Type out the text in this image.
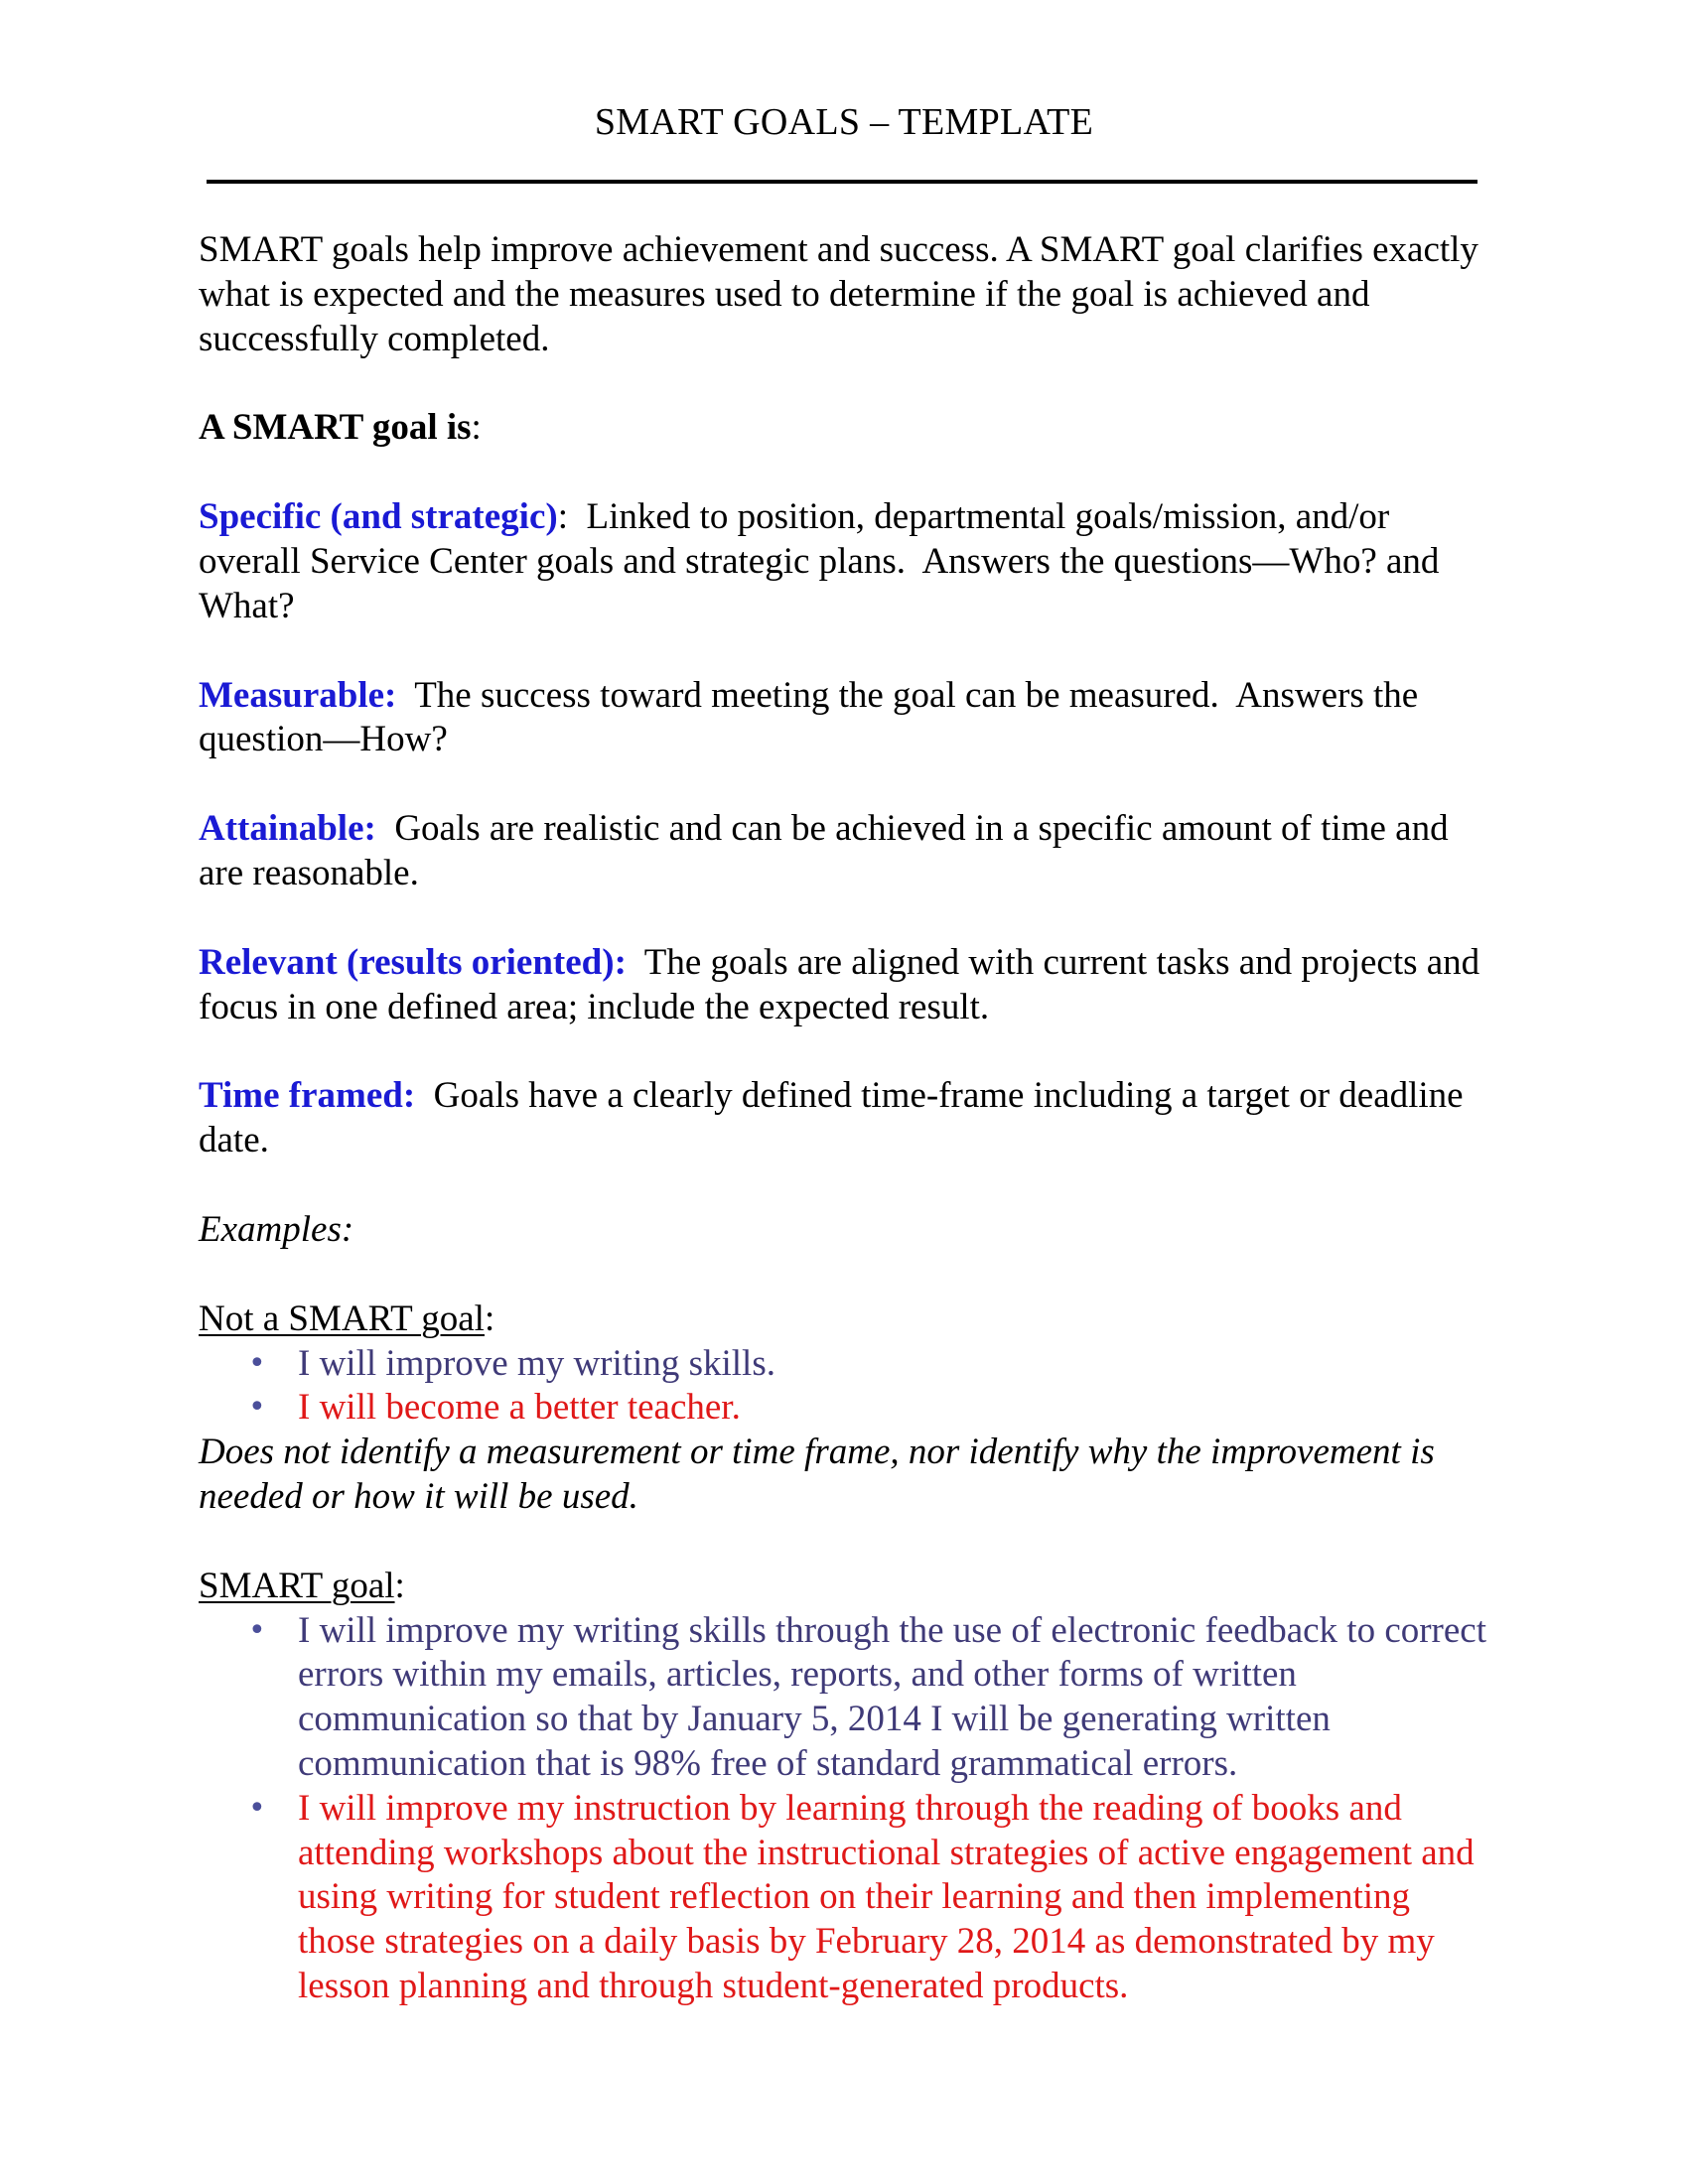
SMART GOALS – TEMPLATE

SMART goals help improve achievement and success. A SMART goal clarifies exactly what is expected and the measures used to determine if the goal is achieved and successfully completed.

A SMART goal is:

Specific (and strategic):  Linked to position, departmental goals/mission, and/or overall Service Center goals and strategic plans.  Answers the questions—Who? and What?

Measurable:  The success toward meeting the goal can be measured.  Answers the question—How?

Attainable:  Goals are realistic and can be achieved in a specific amount of time and are reasonable.

Relevant (results oriented):  The goals are aligned with current tasks and projects and focus in one defined area; include the expected result.

Time framed:  Goals have a clearly defined time-frame including a target or deadline date.

Examples:

Not a SMART goal:

• I will improve my writing skills.
• I will become a better teacher.

Does not identify a measurement or time frame, nor identify why the improvement is needed or how it will be used.

SMART goal:

• I will improve my writing skills through the use of electronic feedback to correct errors within my emails, articles, reports, and other forms of written communication so that by January 5, 2014 I will be generating written communication that is 98% free of standard grammatical errors.
• I will improve my instruction by learning through the reading of books and attending workshops about the instructional strategies of active engagement and using writing for student reflection on their learning and then implementing those strategies on a daily basis by February 28, 2014 as demonstrated by my lesson planning and through student-generated products.
